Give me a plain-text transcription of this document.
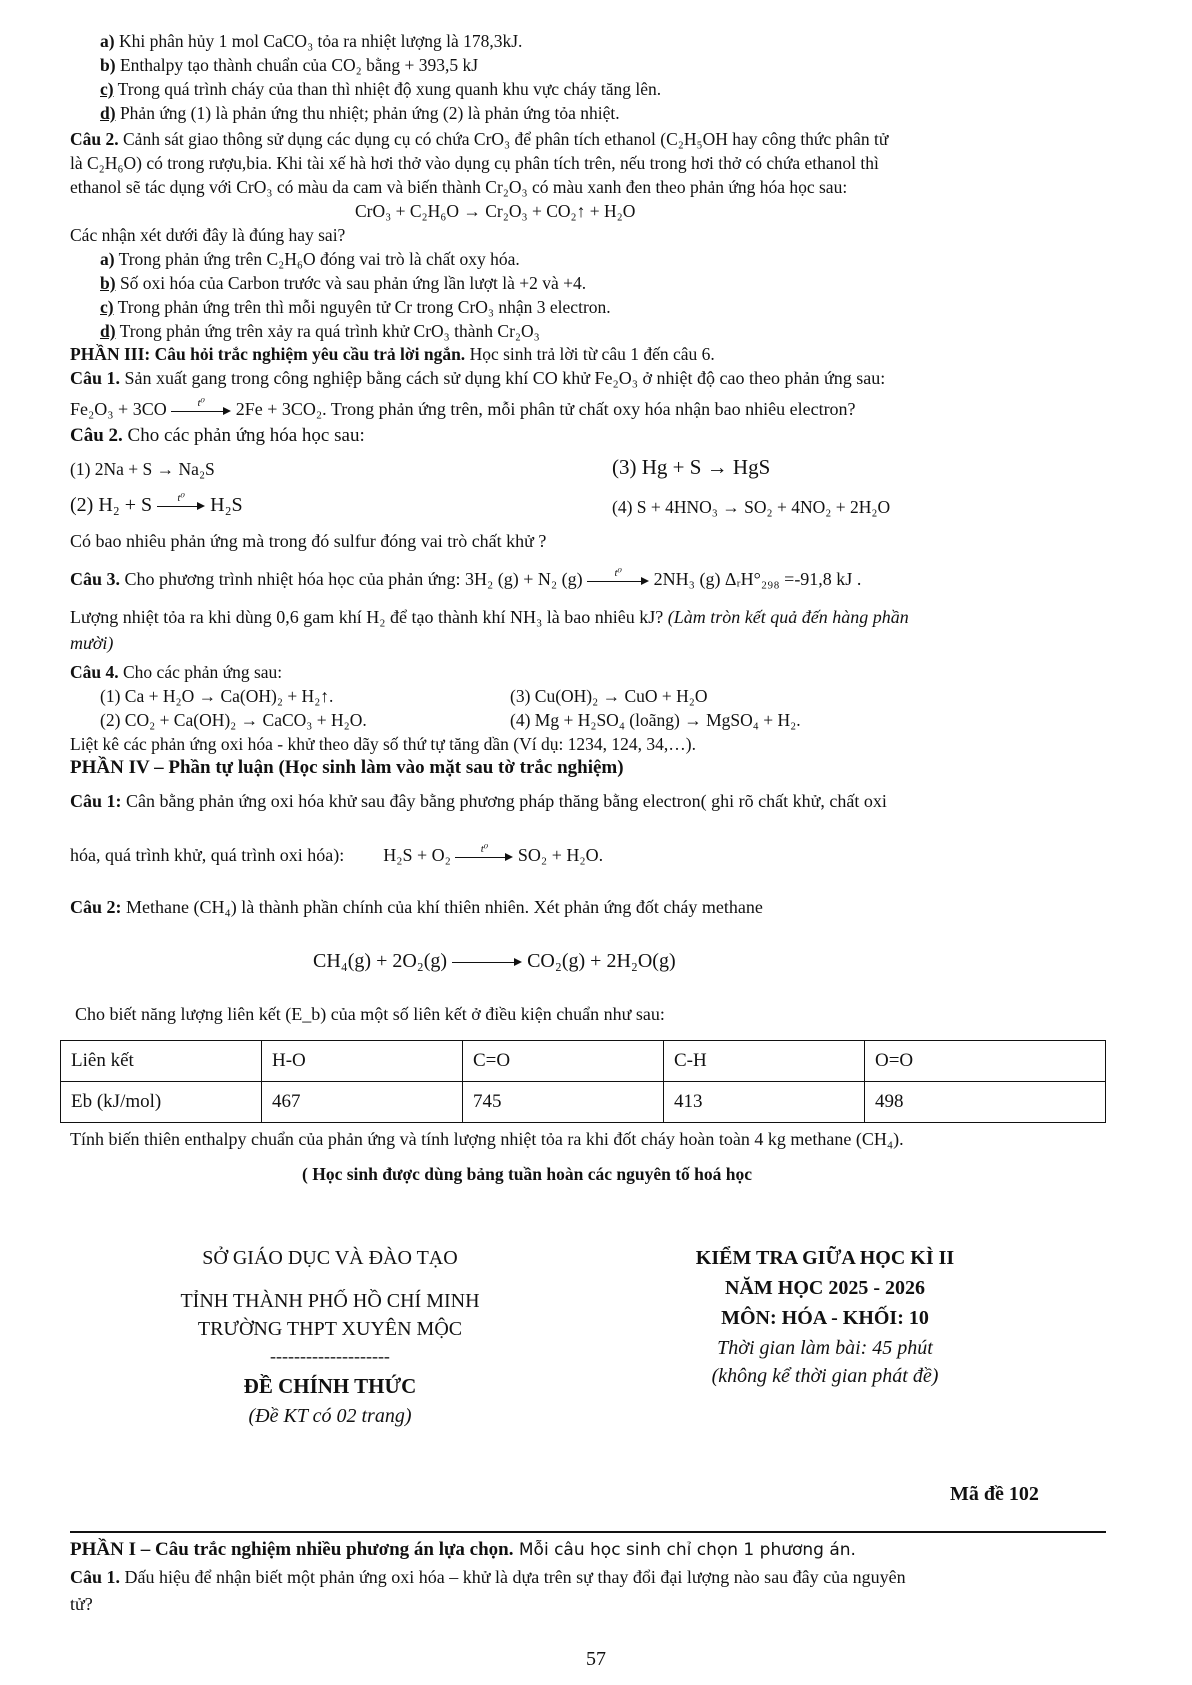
a) Khi phân hủy 1 mol CaCO₃ tỏa ra nhiệt lượng là 178,3kJ.
b) Enthalpy tạo thành chuẩn của CO₂ bằng + 393,5 kJ
c) Trong quá trình cháy của than thì nhiệt độ xung quanh khu vực cháy tăng lên.
d) Phản ứng (1) là phản ứng thu nhiệt; phản ứng (2) là phản ứng tỏa nhiệt.
Câu 2. Cảnh sát giao thông sử dụng các dụng cụ có chứa CrO₃ để phân tích ethanol (C₂H₅OH hay công thức phân tử
là C₂H₆O) có trong rượu,bia. Khi tài xế hà hơi thở vào dụng cụ phân tích trên, nếu trong hơi thở có chứa ethanol thì
ethanol sẽ tác dụng với CrO₃ có màu da cam và biến thành Cr₂O₃ có màu xanh đen theo phản ứng hóa học sau:
CrO₃ + C₂H₆O → Cr₂O₃ + CO₂↑ + H₂O
Các nhận xét dưới đây là đúng hay sai?
a) Trong phản ứng trên C₂H₆O đóng vai trò là chất oxy hóa.
b) Số oxi hóa của Carbon trước và sau phản ứng lần lượt là +2 và +4.
c) Trong phản ứng trên thì mỗi nguyên tử Cr trong CrO₃ nhận 3 electron.
d) Trong phản ứng trên xảy ra quá trình khử CrO₃ thành Cr₂O₃
PHẦN III: Câu hỏi trắc nghiệm yêu cầu trả lời ngắn. Học sinh trả lời từ câu 1 đến câu 6.
Câu 1. Sản xuất gang trong công nghiệp bằng cách sử dụng khí CO khử Fe₂O₃ ở nhiệt độ cao theo phản ứng sau:
Fe₂O₃ + 3CO	t⁰	2Fe + 3CO₂. Trong phản ứng trên, mỗi phân tử chất oxy hóa nhận bao nhiêu electron?
Câu 2. Cho các phản ứng hóa học sau:
(1) 2Na + S → Na₂S	(3) Hg + S → HgS
(2) H₂ + S	t⁰	H₂S	(4) S + 4HNO₃ → SO₂ + 4NO₂ + 2H₂O
Có bao nhiêu phản ứng mà trong đó sulfur đóng vai trò chất khử ?
Câu 3. Cho phương trình nhiệt hóa học của phản ứng: 3H₂ (g) + N₂ (g)	t⁰	2NH₃ (g) ΔᵣH°₂₉₈ =-91,8 kJ .
Lượng nhiệt tỏa ra khi dùng 0,6 gam khí H₂ để tạo thành khí NH₃ là bao nhiêu kJ? (Làm tròn kết quả đến hàng phần
mười)
Câu 4. Cho các phản ứng sau:
(1) Ca + H₂O → Ca(OH)₂ + H₂↑.	(3) Cu(OH)₂ → CuO + H₂O
(2) CO₂ + Ca(OH)₂ → CaCO₃ + H₂O.	(4) Mg + H₂SO₄ (loãng) → MgSO₄ + H₂.
Liệt kê các phản ứng oxi hóa - khử theo dãy số thứ tự tăng dần (Ví dụ: 1234, 124, 34,…).
PHẦN IV – Phần tự luận (Học sinh làm vào mặt sau tờ trắc nghiệm)
Câu 1: Cân bằng phản ứng oxi hóa khử sau đây bằng phương pháp thăng bằng electron( ghi rõ chất khử, chất oxi
hóa, quá trình khử, quá trình oxi hóa): H₂S + O₂	t⁰	SO₂ + H₂O.
Câu 2: Methane (CH₄) là thành phần chính của khí thiên nhiên. Xét phản ứng đốt cháy methane
CH₄(g) + 2O₂(g)	CO₂(g) + 2H₂O(g)
Cho biết năng lượng liên kết (E_b) của một số liên kết ở điều kiện chuẩn như sau:
Liên kết	H-O	C=O	C-H	O=O
Eb (kJ/mol)	467	745	413	498
Tính biến thiên enthalpy chuẩn của phản ứng và tính lượng nhiệt tỏa ra khi đốt cháy hoàn toàn 4 kg methane (CH₄).
( Học sinh được dùng bảng tuần hoàn các nguyên tố hoá học
SỞ GIÁO DỤC VÀ ĐÀO TẠO
TỈNH THÀNH PHỐ HỒ CHÍ MINH
TRƯỜNG THPT XUYÊN MỘC
--------------------
ĐỀ CHÍNH THỨC
(Đề KT có 02 trang)
KIỂM TRA GIỮA HỌC KÌ II
NĂM HỌC 2025 - 2026
MÔN: HÓA - KHỐI: 10
Thời gian làm bài: 45 phút
(không kể thời gian phát đề)
Mã đề 102
PHẦN I – Câu trắc nghiệm nhiều phương án lựa chọn. Mỗi câu học sinh chỉ chọn 1 phương án.
Câu 1. Dấu hiệu để nhận biết một phản ứng oxi hóa – khử là dựa trên sự thay đổi đại lượng nào sau đây của nguyên
tử?
57
